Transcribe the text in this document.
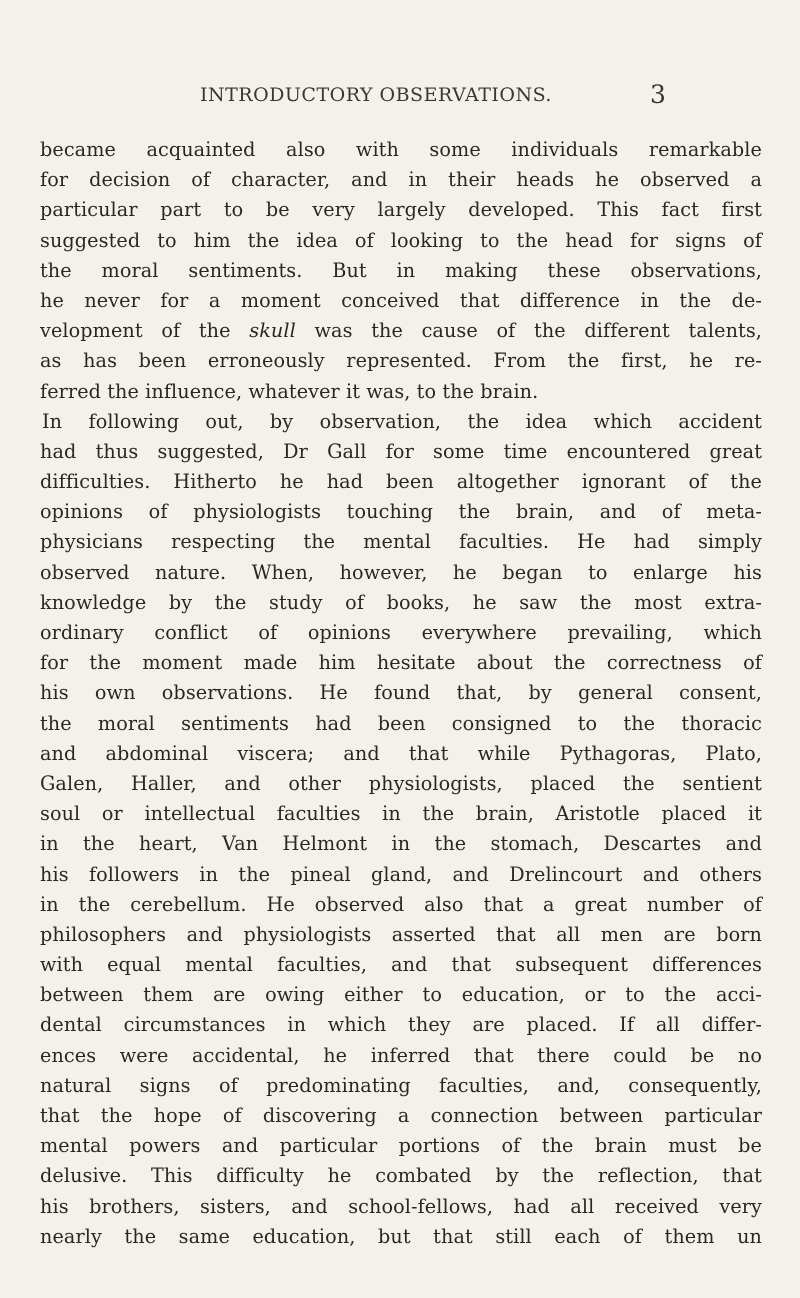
INTRODUCTORY OBSERVATIONS.	3
became acquainted also with some individuals remarkable
for decision of character, and in their heads he observed a
particular part to be very largely developed. This fact first
suggested to him the idea of looking to the head for signs of
the moral sentiments. But in making these observations,
he never for a moment conceived that difference in the de-
velopment of the skull was the cause of the different talents,
as has been erroneously represented. From the first, he re-
ferred the influence, whatever it was, to the brain.
In following out, by observation, the idea which accident
had thus suggested, Dr Gall for some time encountered great
difficulties. Hitherto he had been altogether ignorant of the
opinions of physiologists touching the brain, and of meta-
physicians respecting the mental faculties. He had simply
observed nature. When, however, he began to enlarge his
knowledge by the study of books, he saw the most extra-
ordinary conflict of opinions everywhere prevailing, which
for the moment made him hesitate about the correctness of
his own observations. He found that, by general consent,
the moral sentiments had been consigned to the thoracic
and abdominal viscera; and that while Pythagoras, Plato,
Galen, Haller, and other physiologists, placed the sentient
soul or intellectual faculties in the brain, Aristotle placed it
in the heart, Van Helmont in the stomach, Descartes and
his followers in the pineal gland, and Drelincourt and others
in the cerebellum. He observed also that a great number of
philosophers and physiologists asserted that all men are born
with equal mental faculties, and that subsequent differences
between them are owing either to education, or to the acci-
dental circumstances in which they are placed. If all differ-
ences were accidental, he inferred that there could be no
natural signs of predominating faculties, and, consequently,
that the hope of discovering a connection between particular
mental powers and particular portions of the brain must be
delusive. This difficulty he combated by the reflection, that
his brothers, sisters, and school-fellows, had all received very
nearly the same education, but that still each of them un
